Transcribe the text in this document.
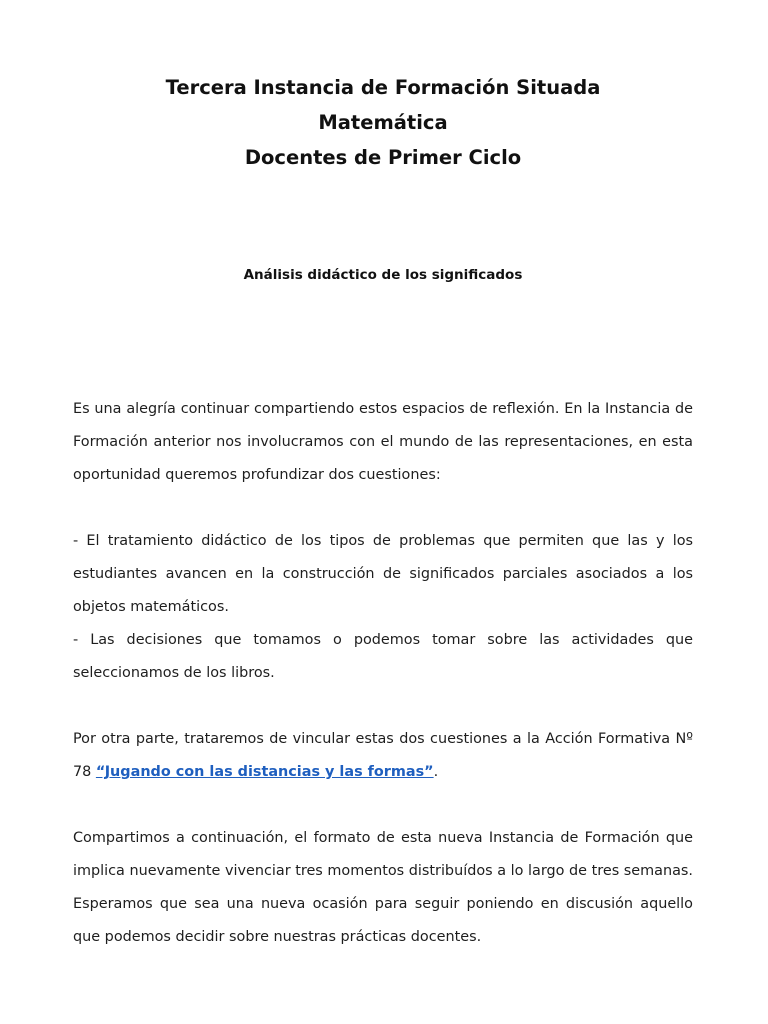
Tercera Instancia de Formación Situada
Matemática
Docentes de Primer Ciclo
Análisis didáctico de los significados

Es una alegría continuar compartiendo estos espacios de reflexión. En la Instancia de Formación anterior nos involucramos con el mundo de las representaciones, en esta oportunidad queremos profundizar dos cuestiones:

- El tratamiento didáctico de los tipos de problemas que permiten que las y los estudiantes avancen en la construcción de significados parciales asociados a los objetos matemáticos.

- Las decisiones que tomamos o podemos tomar sobre las actividades que seleccionamos de los libros.

Por otra parte, trataremos de vincular estas dos cuestiones a la Acción Formativa Nº 78 “Jugando con las distancias y las formas”.

Compartimos a continuación, el formato de esta nueva Instancia de Formación que implica nuevamente vivenciar tres momentos distribuídos a lo largo de tres semanas. Esperamos que sea una nueva ocasión para seguir poniendo en discusión aquello que podemos decidir sobre nuestras prácticas docentes.
